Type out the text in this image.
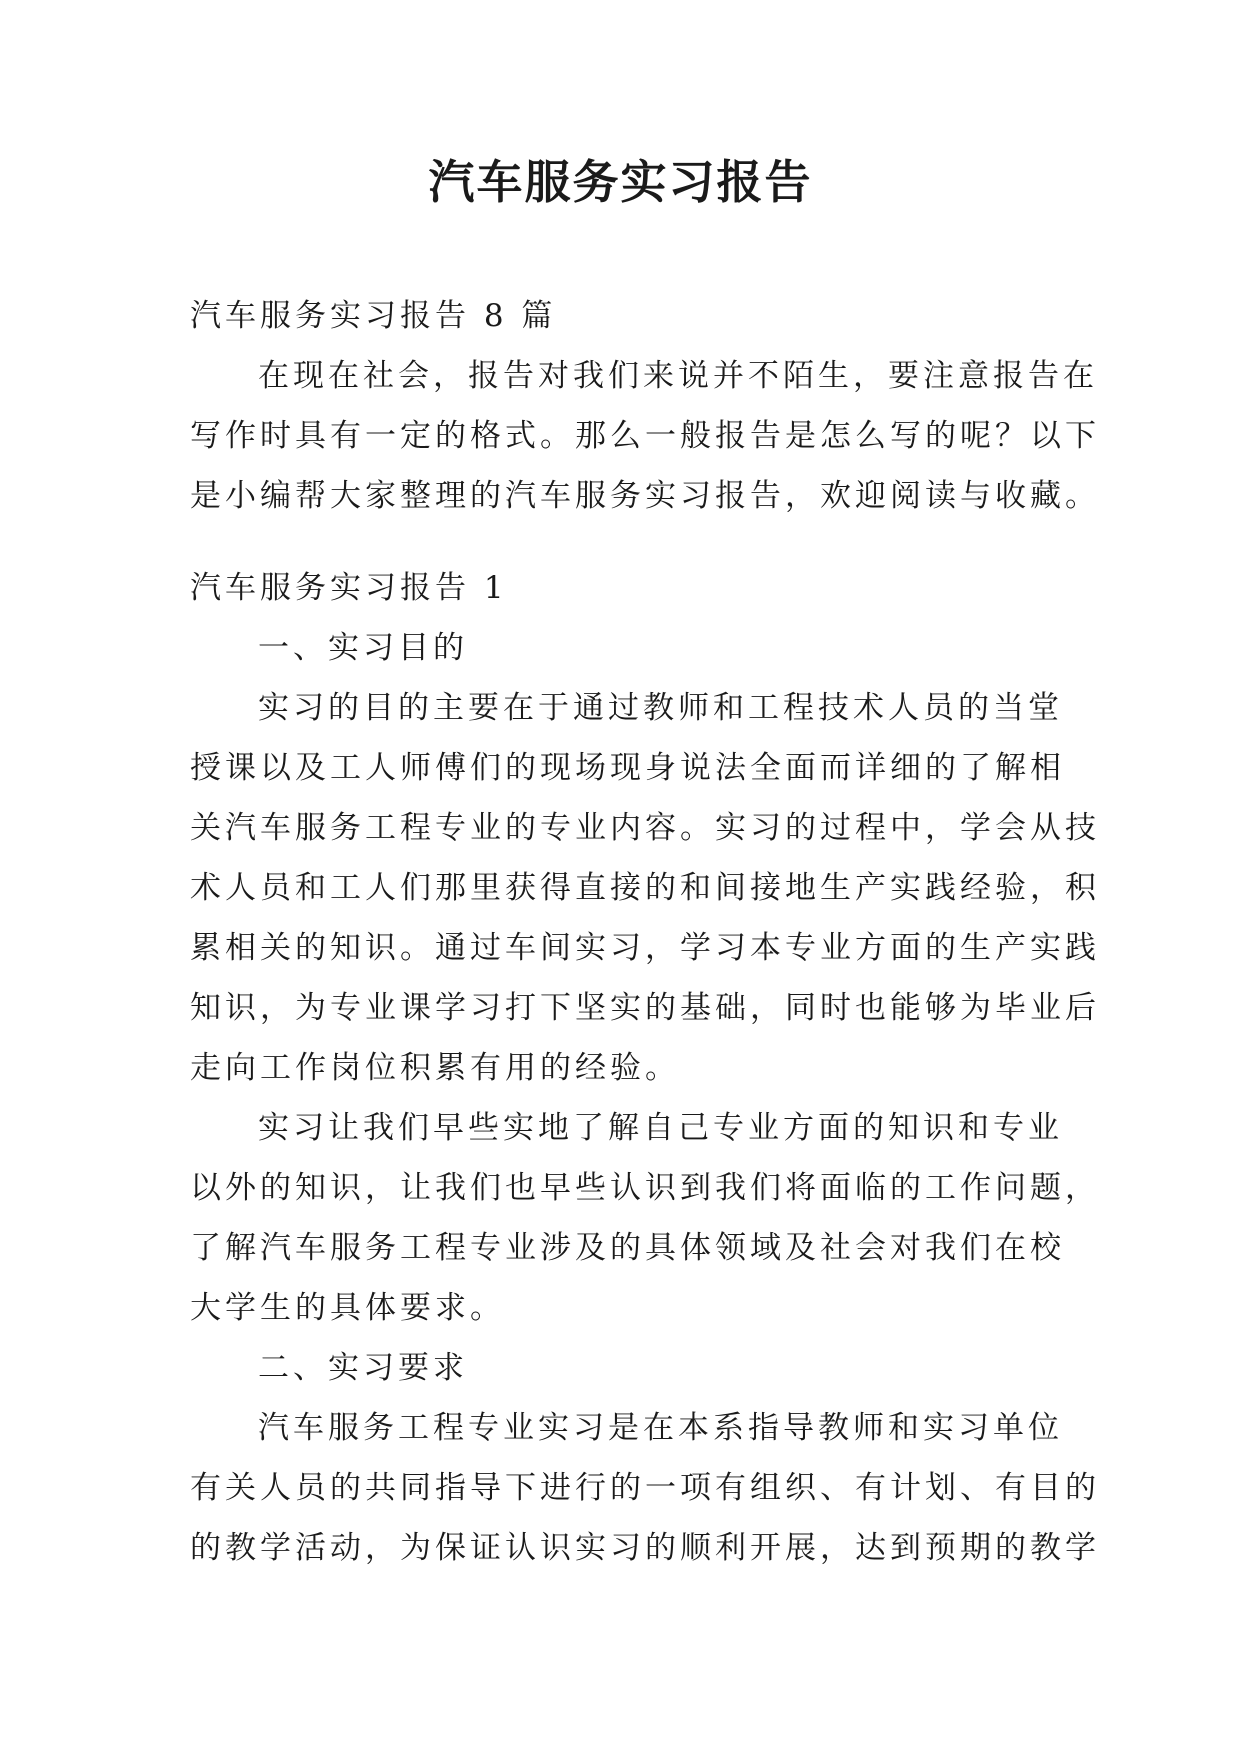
汽车服务实习报告
汽车服务实习报告 8 篇
在现在社会，报告对我们来说并不陌生，要注意报告在
写作时具有一定的格式。那么一般报告是怎么写的呢？以下
是小编帮大家整理的汽车服务实习报告，欢迎阅读与收藏。
汽车服务实习报告 1
一、实习目的
实习的目的主要在于通过教师和工程技术人员的当堂
授课以及工人师傅们的现场现身说法全面而详细的了解相
关汽车服务工程专业的专业内容。实习的过程中，学会从技
术人员和工人们那里获得直接的和间接地生产实践经验，积
累相关的知识。通过车间实习，学习本专业方面的生产实践
知识，为专业课学习打下坚实的基础，同时也能够为毕业后
走向工作岗位积累有用的经验。
实习让我们早些实地了解自己专业方面的知识和专业
以外的知识，让我们也早些认识到我们将面临的工作问题，
了解汽车服务工程专业涉及的具体领域及社会对我们在校
大学生的具体要求。
二、实习要求
汽车服务工程专业实习是在本系指导教师和实习单位
有关人员的共同指导下进行的一项有组织、有计划、有目的
的教学活动，为保证认识实习的顺利开展，达到预期的教学
